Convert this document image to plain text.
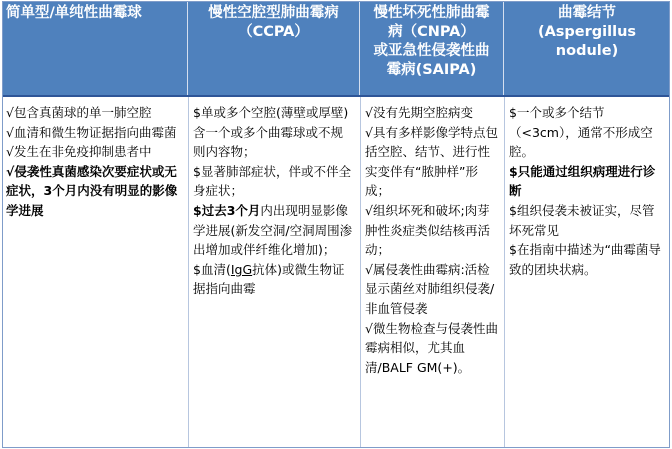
简单型/单纯性曲霉球	慢性空腔型肺曲霉病
（CCPA）
慢性坏死性肺曲霉
病（CNPA）
或亚急性侵袭性曲
霉病(SAIPA)
曲霉结节
(Aspergillus
nodule)

√包含真菌球的单一肺空腔

√血清和微生物证据指向曲霉菌

√发生在非免疫抑制患者中

√侵袭性真菌感染次要症状或无症状，3个月内没有明显的影像学进展

$单或多个空腔(薄壁或厚壁)含一个或多个曲霉球或不规则内容物；

$显著肺部症状，伴或不伴全身症状；

$过去3个月内出现明显影像学进展(新发空洞/空洞周围渗出增加或伴纤维化增加)；

$血清(IgG抗体)或微生物证据指向曲霉

√没有先期空腔病变

√具有多样影像学特点包括空腔、结节、进行性实变伴有“脓肿样”形成；

√组织坏死和破坏;肉芽肿性炎症类似结核再活动；

√属侵袭性曲霉病:活检显示菌丝对肺组织侵袭/非血管侵袭

√微生物检查与侵袭性曲霉病相似，尤其血清/BALF GM(+)。

$一个或多个结节（<3cm），通常不形成空腔。

$只能通过组织病理进行诊断

$组织侵袭未被证实，尽管坏死常见

$在指南中描述为“曲霉菌导致的团块状病。
